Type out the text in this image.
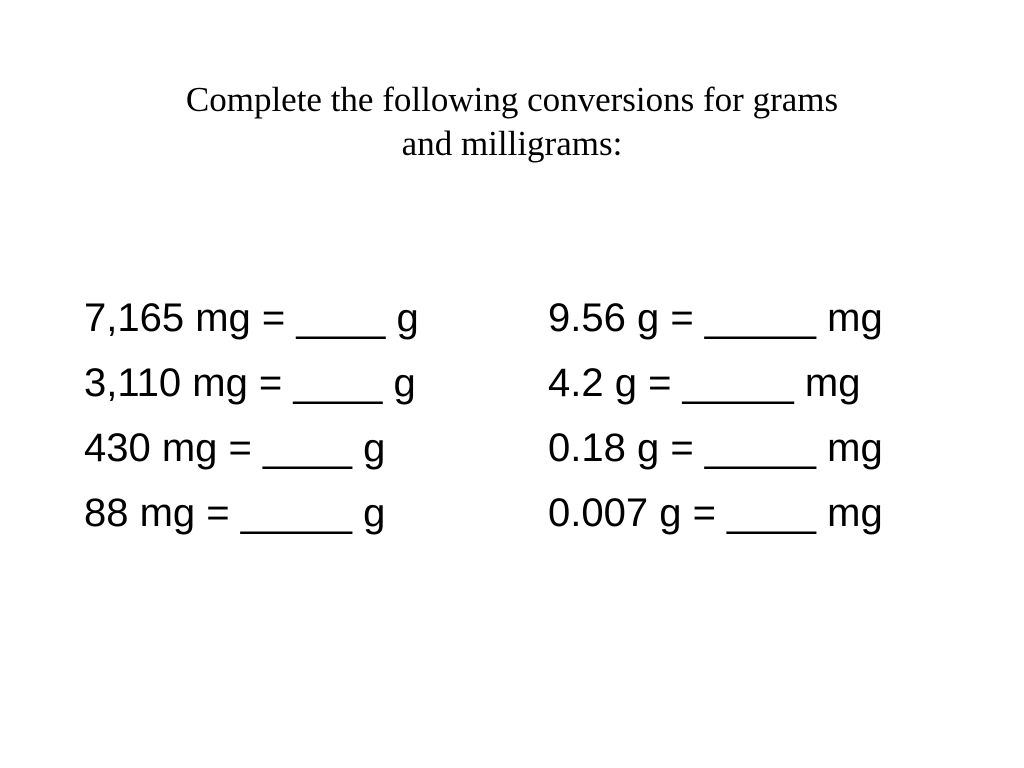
Complete the following conversions for grams
and milligrams:
7,165 mg = ____ g
3,110 mg = ____ g
430 mg = ____ g
88 mg = _____ g
9.56 g = _____ mg
4.2 g = _____ mg
0.18 g = _____ mg
0.007 g = ____ mg
